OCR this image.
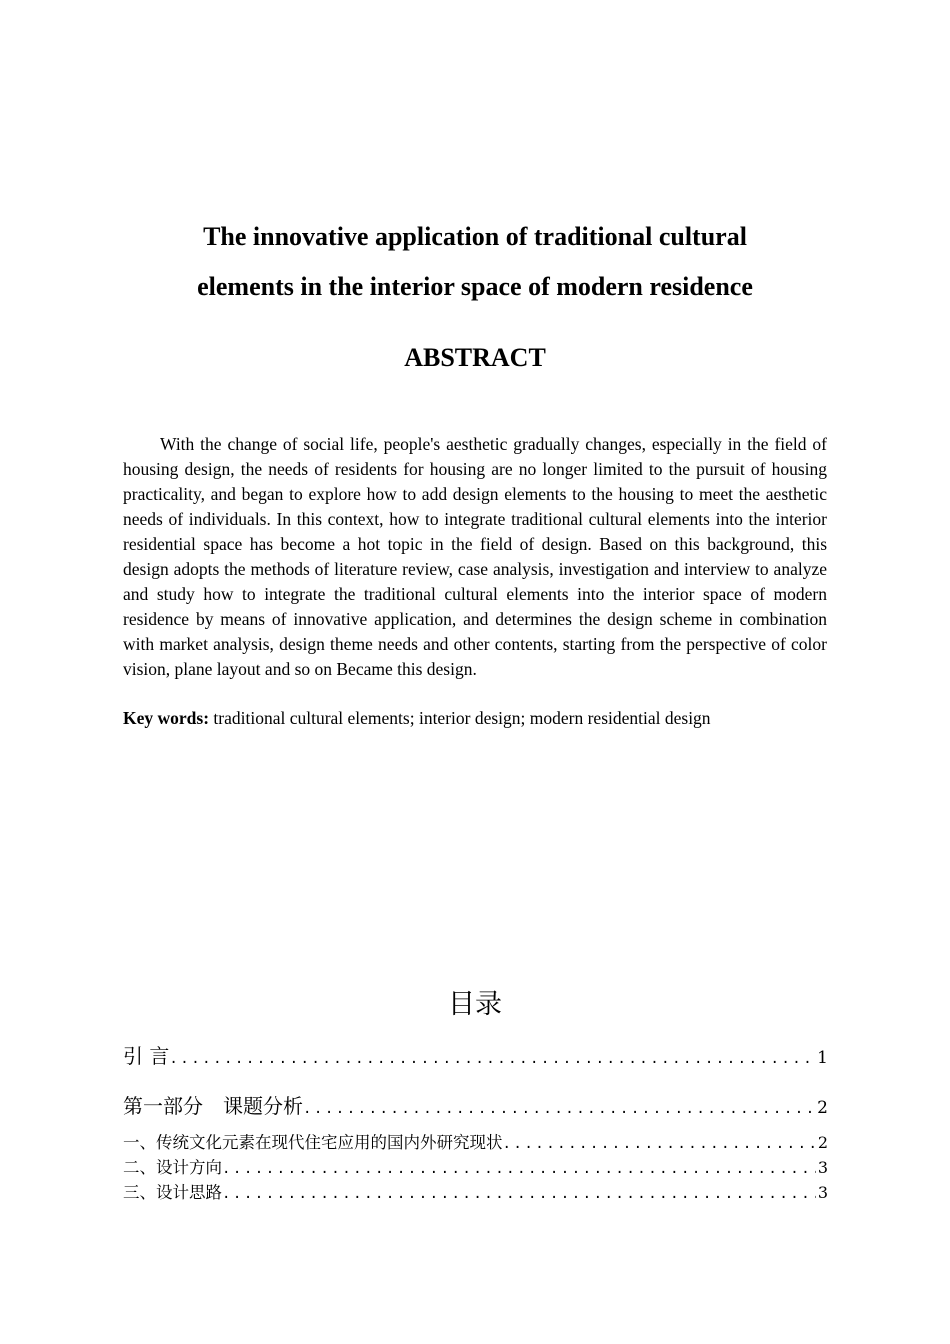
The innovative application of traditional cultural
elements in the interior space of modern residence
ABSTRACT

With the change of social life, people's aesthetic gradually changes, especially in the field of housing design, the needs of residents for housing are no longer limited to the pursuit of housing practicality, and began to explore how to add design elements to the housing to meet the aesthetic needs of individuals. In this context, how to integrate traditional cultural elements into the interior residential space has become a hot topic in the field of design. Based on this background, this design adopts the methods of literature review, case analysis, investigation and interview to analyze and study how to integrate the traditional cultural elements into the interior space of modern residence by means of innovative application, and determines the design scheme in combination with market analysis, design theme needs and other contents, starting from the perspective of color vision, plane layout and so on Became this design.

Key words: traditional cultural elements; interior design; modern residential design

目录
引 言 .....	1
第一部分　课题分析 .....	2
一、传统文化元素在现代住宅应用的国内外研究现状 .....	2
二、设计方向 .....	3
三、设计思路 .....	3
